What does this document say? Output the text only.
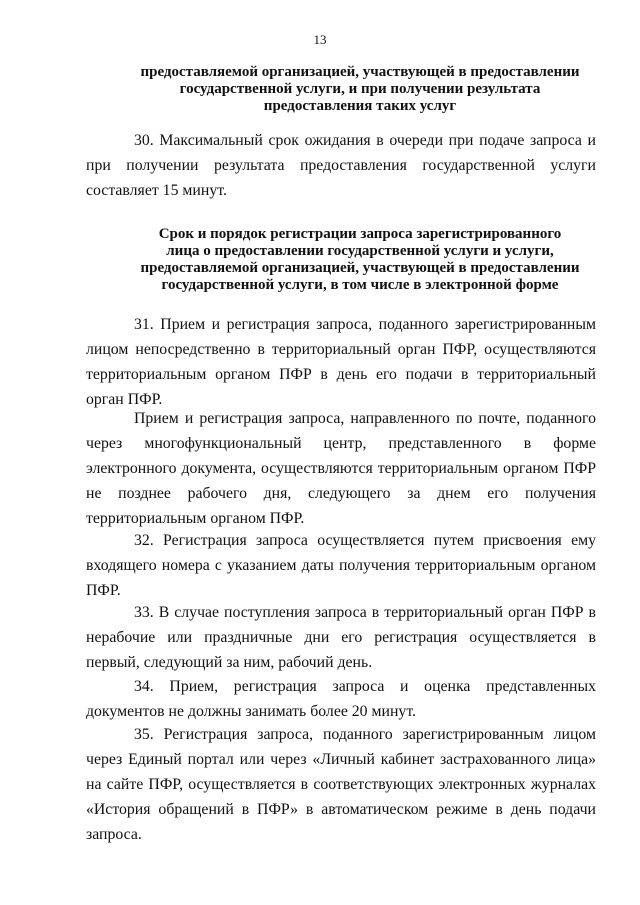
13
предоставляемой организацией, участвующей в предоставлении
государственной услуги, и при получении результата
предоставления таких услуг

30. Максимальный срок ожидания в очереди при подаче запроса и при получении результата предоставления государственной услуги составляет 15 минут.

Срок и порядок регистрации запроса зарегистрированного
лица о предоставлении государственной услуги и услуги,
предоставляемой организацией, участвующей в предоставлении
государственной услуги, в том числе в электронной форме

31. Прием и регистрация запроса, поданного зарегистрированным лицом непосредственно в территориальный орган ПФР, осуществляются территориальным органом ПФР в день его подачи в территориальный орган ПФР.

Прием и регистрация запроса, направленного по почте, поданного через многофункциональный центр, представленного в форме электронного документа, осуществляются территориальным органом ПФР не позднее рабочего дня, следующего за днем его получения территориальным органом ПФР.

32. Регистрация запроса осуществляется путем присвоения ему входящего номера с указанием даты получения территориальным органом ПФР.

33. В случае поступления запроса в территориальный орган ПФР в нерабочие или праздничные дни его регистрация осуществляется в первый, следующий за ним, рабочий день.

34. Прием, регистрация запроса и оценка представленных документов не должны занимать более 20 минут.

35. Регистрация запроса, поданного зарегистрированным лицом через Единый портал или через «Личный кабинет застрахованного лица» на сайте ПФР, осуществляется в соответствующих электронных журналах «История обращений в ПФР» в автоматическом режиме в день подачи запроса.
